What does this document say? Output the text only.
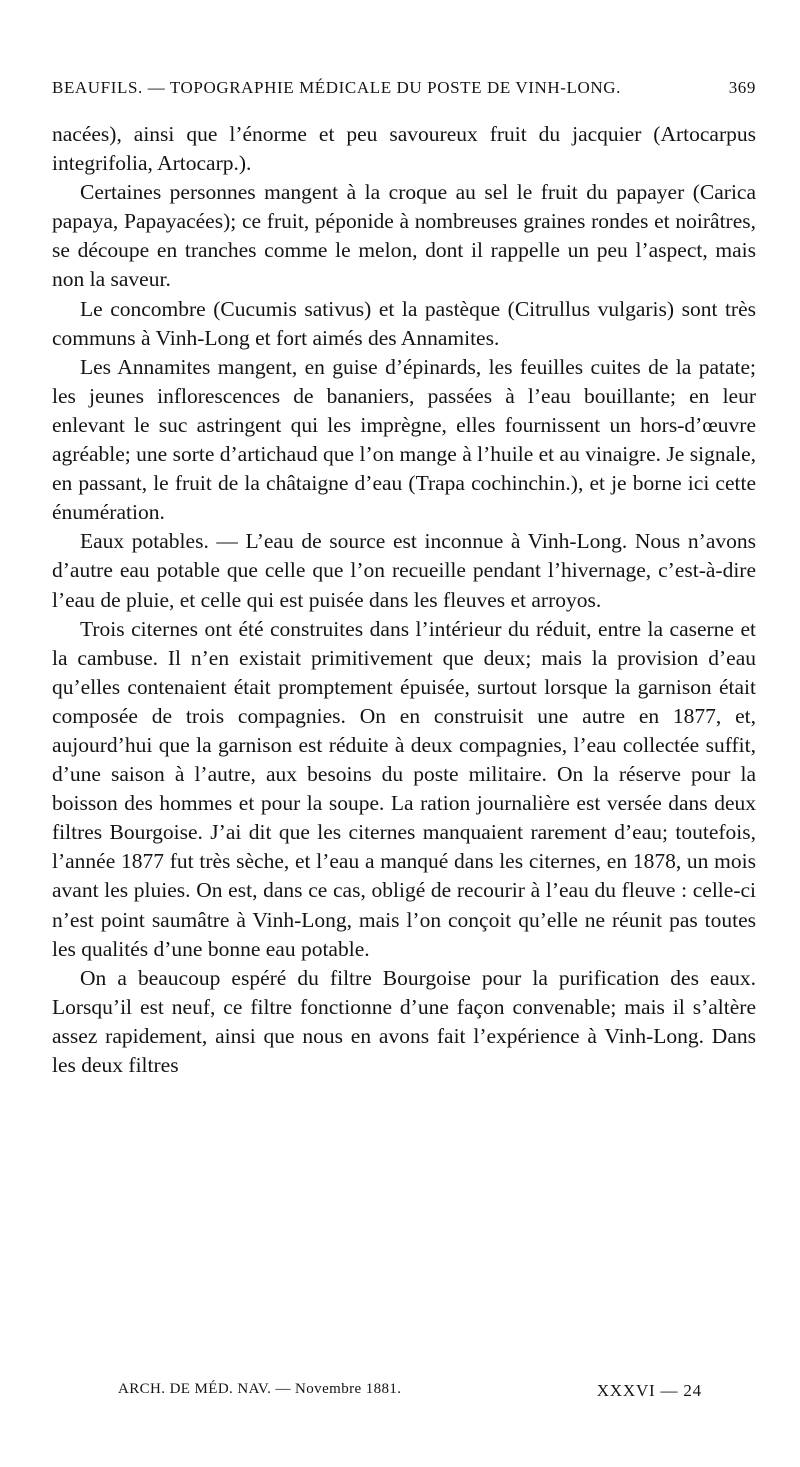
BEAUFILS. — TOPOGRAPHIE MÉDICALE DU POSTE DE VINH-LONG.	369

nacées), ainsi que l’énorme et peu savoureux fruit du jacquier (Artocarpus integrifolia, Artocarp.).

Certaines personnes mangent à la croque au sel le fruit du papayer (Carica papaya, Papayacées); ce fruit, péponide à nombreuses graines rondes et noirâtres, se découpe en tranches comme le melon, dont il rappelle un peu l’aspect, mais non la saveur.

Le concombre (Cucumis sativus) et la pastèque (Citrullus vulgaris) sont très communs à Vinh-Long et fort aimés des Annamites.

Les Annamites mangent, en guise d’épinards, les feuilles cuites de la patate; les jeunes inflorescences de bananiers, passées à l’eau bouillante; en leur enlevant le suc astringent qui les imprègne, elles fournissent un hors-d’œuvre agréable; une sorte d’artichaud que l’on mange à l’huile et au vinaigre. Je signale, en passant, le fruit de la châtaigne d’eau (Trapa cochinchin.), et je borne ici cette énumération.

Eaux potables. — L’eau de source est inconnue à Vinh-Long. Nous n’avons d’autre eau potable que celle que l’on recueille pendant l’hivernage, c’est-à-dire l’eau de pluie, et celle qui est puisée dans les fleuves et arroyos.

Trois citernes ont été construites dans l’intérieur du réduit, entre la caserne et la cambuse. Il n’en existait primitivement que deux; mais la provision d’eau qu’elles contenaient était promptement épuisée, surtout lorsque la garnison était composée de trois compagnies. On en construisit une autre en 1877, et, aujourd’hui que la garnison est réduite à deux compagnies, l’eau collectée suffit, d’une saison à l’autre, aux besoins du poste militaire. On la réserve pour la boisson des hommes et pour la soupe. La ration journalière est versée dans deux filtres Bourgoise. J’ai dit que les citernes manquaient rarement d’eau; toutefois, l’année 1877 fut très sèche, et l’eau a manqué dans les citernes, en 1878, un mois avant les pluies. On est, dans ce cas, obligé de recourir à l’eau du fleuve : celle-ci n’est point saumâtre à Vinh-Long, mais l’on conçoit qu’elle ne réunit pas toutes les qualités d’une bonne eau potable.

On a beaucoup espéré du filtre Bourgoise pour la purification des eaux. Lorsqu’il est neuf, ce filtre fonctionne d’une façon convenable; mais il s’altère assez rapidement, ainsi que nous en avons fait l’expérience à Vinh-Long. Dans les deux filtres

ARCH. DE MÉD. NAV. — Novembre 1881.	XXXVI — 24
